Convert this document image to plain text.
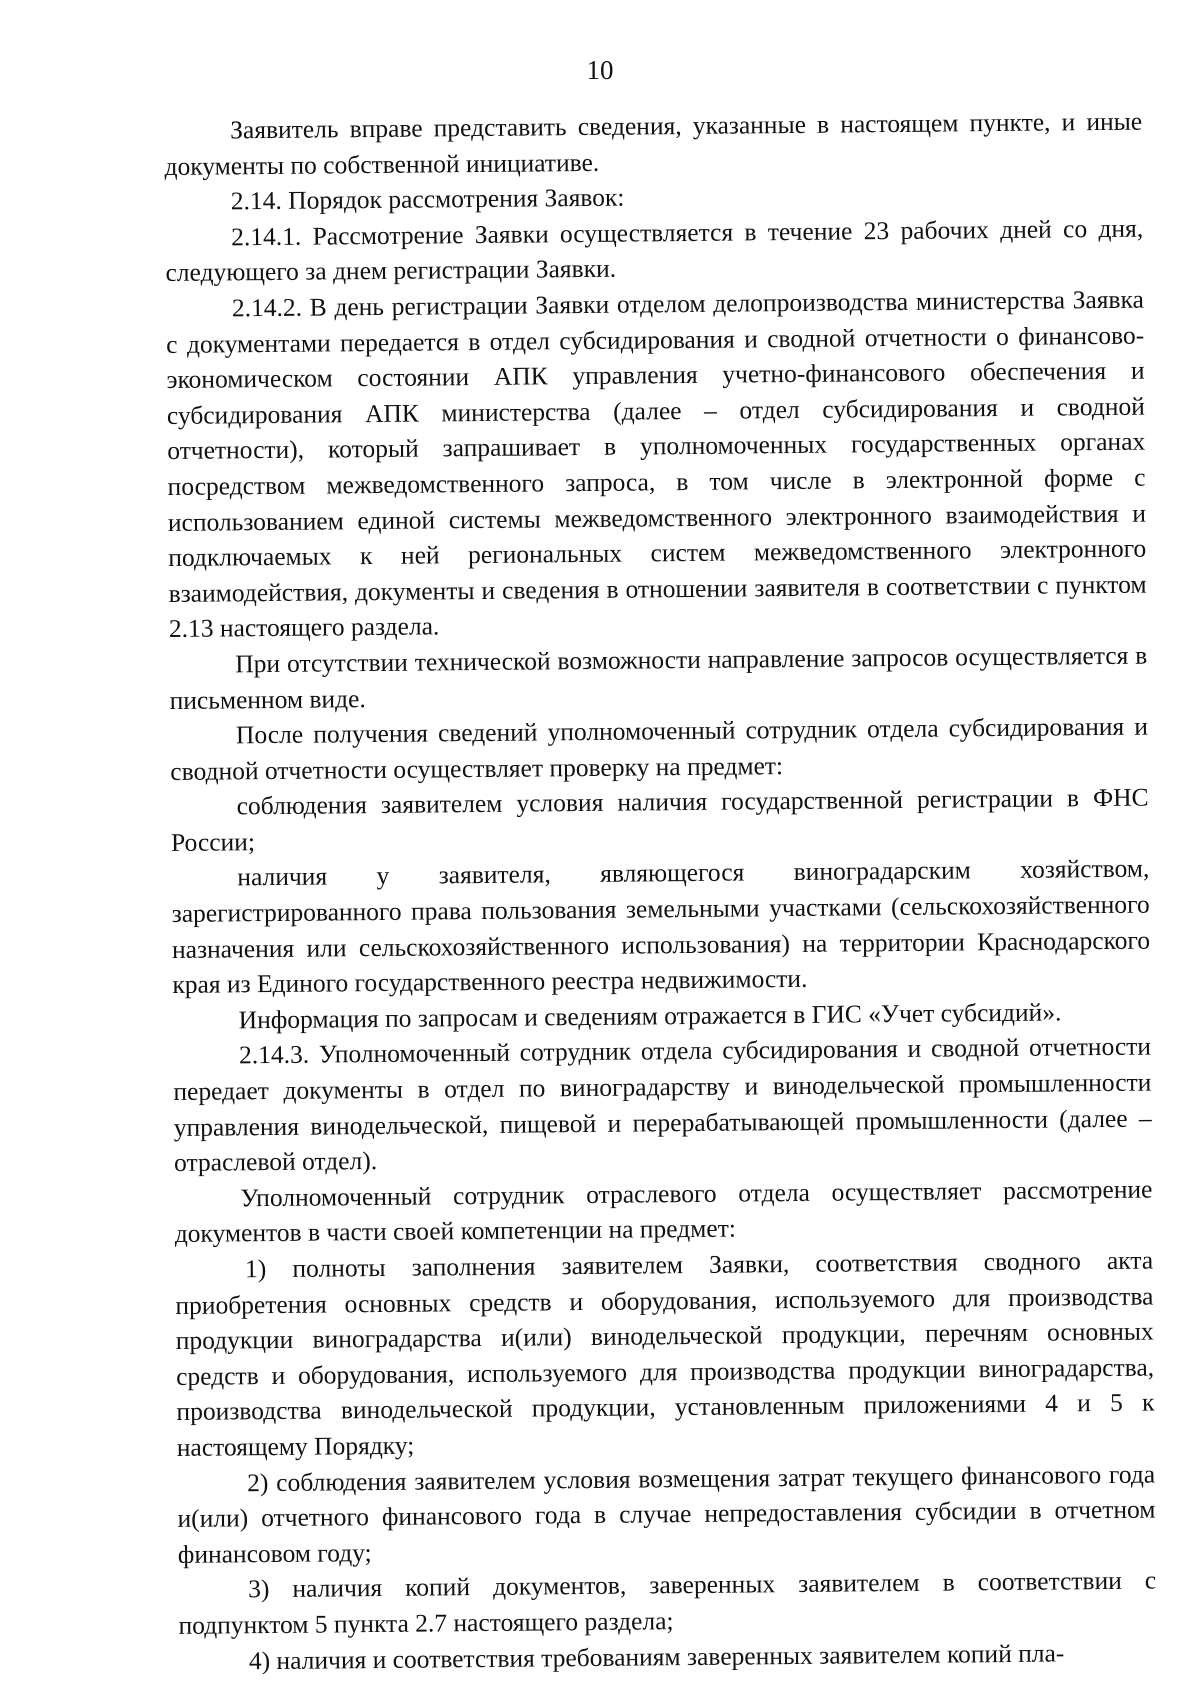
10

Заявитель вправе представить сведения, указанные в настоящем пункте, и иные документы по собственной инициативе.

2.14. Порядок рассмотрения Заявок:

2.14.1. Рассмотрение Заявки осуществляется в течение 23 рабочих дней со дня, следующего за днем регистрации Заявки.

2.14.2. В день регистрации Заявки отделом делопроизводства министерства Заявка с документами передается в отдел субсидирования и сводной отчетности о финансово-экономическом состоянии АПК управления учетно-финансового обеспечения и субсидирования АПК министерства (далее – отдел субсидирования и сводной отчетности), который запрашивает в уполномоченных государственных органах посредством межведомственного запроса, в том числе в электронной форме с использованием единой системы межведомственного электронного взаимодействия и подключаемых к ней региональных систем межведомственного электронного взаимодействия, документы и сведения в отношении заявителя в соответствии с пунктом 2.13 настоящего раздела.

При отсутствии технической возможности направление запросов осуществляется в письменном виде.

После получения сведений уполномоченный сотрудник отдела субсидирования и сводной отчетности осуществляет проверку на предмет:

соблюдения заявителем условия наличия государственной регистрации в ФНС России;

наличия у заявителя, являющегося виноградарским хозяйством, зарегистрированного права пользования земельными участками (сельскохозяйственного назначения или сельскохозяйственного использования) на территории Краснодарского края из Единого государственного реестра недвижимости.

Информация по запросам и сведениям отражается в ГИС «Учет субсидий».

2.14.3. Уполномоченный сотрудник отдела субсидирования и сводной отчетности передает документы в отдел по виноградарству и винодельческой промышленности управления винодельческой, пищевой и перерабатывающей промышленности (далее – отраслевой отдел).

Уполномоченный сотрудник отраслевого отдела осуществляет рассмотрение документов в части своей компетенции на предмет:

1) полноты заполнения заявителем Заявки, соответствия сводного акта приобретения основных средств и оборудования, используемого для производства продукции виноградарства и(или) винодельческой продукции, перечням основных средств и оборудования, используемого для производства продукции виноградарства, производства винодельческой продукции, установленным приложениями 4 и 5 к настоящему Порядку;

2) соблюдения заявителем условия возмещения затрат текущего финансового года и(или) отчетного финансового года в случае непредоставления субсидии в отчетном финансовом году;

3) наличия копий документов, заверенных заявителем в соответствии с подпунктом 5 пункта 2.7 настоящего раздела;

4) наличия и соответствия требованиям заверенных заявителем копий пла-
